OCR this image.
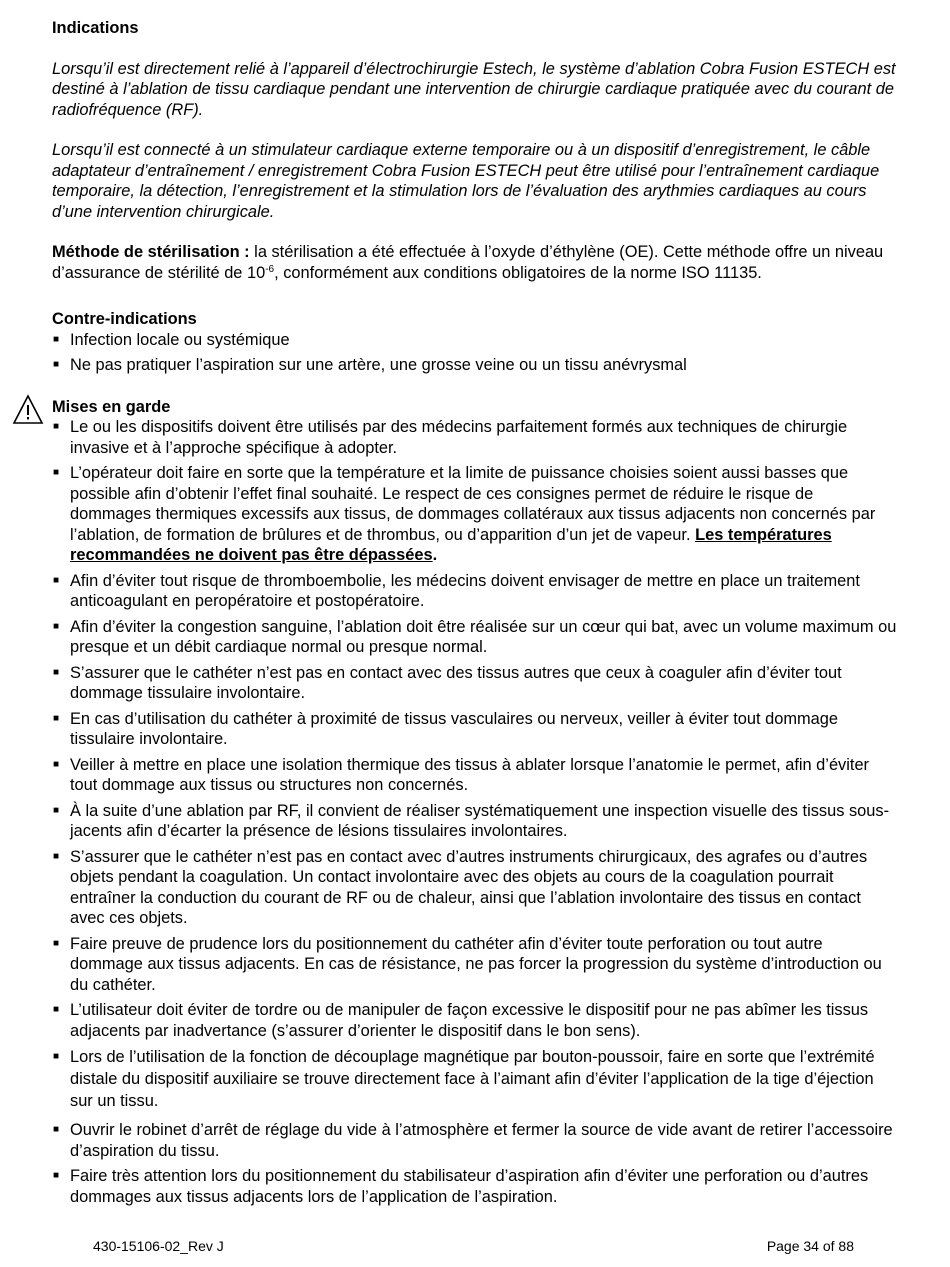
Indications

Lorsqu’il est directement relié à l’appareil d’électrochirurgie Estech, le système d’ablation Cobra Fusion ESTECH est destiné à l’ablation de tissu cardiaque pendant une intervention de chirurgie cardiaque pratiquée avec du courant de radiofréquence (RF).

Lorsqu’il est connecté à un stimulateur cardiaque externe temporaire ou à un dispositif d’enregistrement, le câble adaptateur d’entraînement / enregistrement Cobra Fusion ESTECH peut être utilisé pour l’entraînement cardiaque temporaire, la détection, l’enregistrement et la stimulation lors de l’évaluation des arythmies cardiaques au cours d’une intervention chirurgicale.

Méthode de stérilisation : la stérilisation a été effectuée à l’oxyde d’éthylène (OE). Cette méthode offre un niveau d’assurance de stérilité de $10^{-6}$, conformément aux conditions obligatoires de la norme ISO 11135.

Contre-indications

■ Infection locale ou systémique
■ Ne pas pratiquer l’aspiration sur une artère, une grosse veine ou un tissu anévrysmal

Mises en garde

■ Le ou les dispositifs doivent être utilisés par des médecins parfaitement formés aux techniques de chirurgie invasive et à l’approche spécifique à adopter.
■ L’opérateur doit faire en sorte que la température et la limite de puissance choisies soient aussi basses que possible afin d’obtenir l’effet final souhaité. Le respect de ces consignes permet de réduire le risque de dommages thermiques excessifs aux tissus, de dommages collatéraux aux tissus adjacents non concernés par l’ablation, de formation de brûlures et de thrombus, ou d’apparition d’un jet de vapeur. Les températures recommandées ne doivent pas être dépassées.
■ Afin d’éviter tout risque de thromboembolie, les médecins doivent envisager de mettre en place un traitement anticoagulant en peropératoire et postopératoire.
■ Afin d’éviter la congestion sanguine, l’ablation doit être réalisée sur un cœur qui bat, avec un volume maximum ou presque et un débit cardiaque normal ou presque normal.
■ S’assurer que le cathéter n’est pas en contact avec des tissus autres que ceux à coaguler afin d’éviter tout dommage tissulaire involontaire.
■ En cas d’utilisation du cathéter à proximité de tissus vasculaires ou nerveux, veiller à éviter tout dommage tissulaire involontaire.
■ Veiller à mettre en place une isolation thermique des tissus à ablater lorsque l’anatomie le permet, afin d’éviter tout dommage aux tissus ou structures non concernés.
■ À la suite d’une ablation par RF, il convient de réaliser systématiquement une inspection visuelle des tissus sous-jacents afin d’écarter la présence de lésions tissulaires involontaires.
■ S’assurer que le cathéter n’est pas en contact avec d’autres instruments chirurgicaux, des agrafes ou d’autres objets pendant la coagulation. Un contact involontaire avec des objets au cours de la coagulation pourrait entraîner la conduction du courant de RF ou de chaleur, ainsi que l’ablation involontaire des tissus en contact avec ces objets.
■ Faire preuve de prudence lors du positionnement du cathéter afin d’éviter toute perforation ou tout autre dommage aux tissus adjacents. En cas de résistance, ne pas forcer la progression du système d’introduction ou du cathéter.
■ L’utilisateur doit éviter de tordre ou de manipuler de façon excessive le dispositif pour ne pas abîmer les tissus adjacents par inadvertance (s’assurer d’orienter le dispositif dans le bon sens).
■ Lors de l’utilisation de la fonction de découplage magnétique par bouton-poussoir, faire en sorte que l’extrémité distale du dispositif auxiliaire se trouve directement face à l’aimant afin d’éviter l’application de la tige d’éjection sur un tissu.
■ Ouvrir le robinet d’arrêt de réglage du vide à l’atmosphère et fermer la source de vide avant de retirer l’accessoire d’aspiration du tissu.
■ Faire très attention lors du positionnement du stabilisateur d’aspiration afin d’éviter une perforation ou d’autres dommages aux tissus adjacents lors de l’application de l’aspiration.
430-15106-02_Rev J	Page 34 of 88
